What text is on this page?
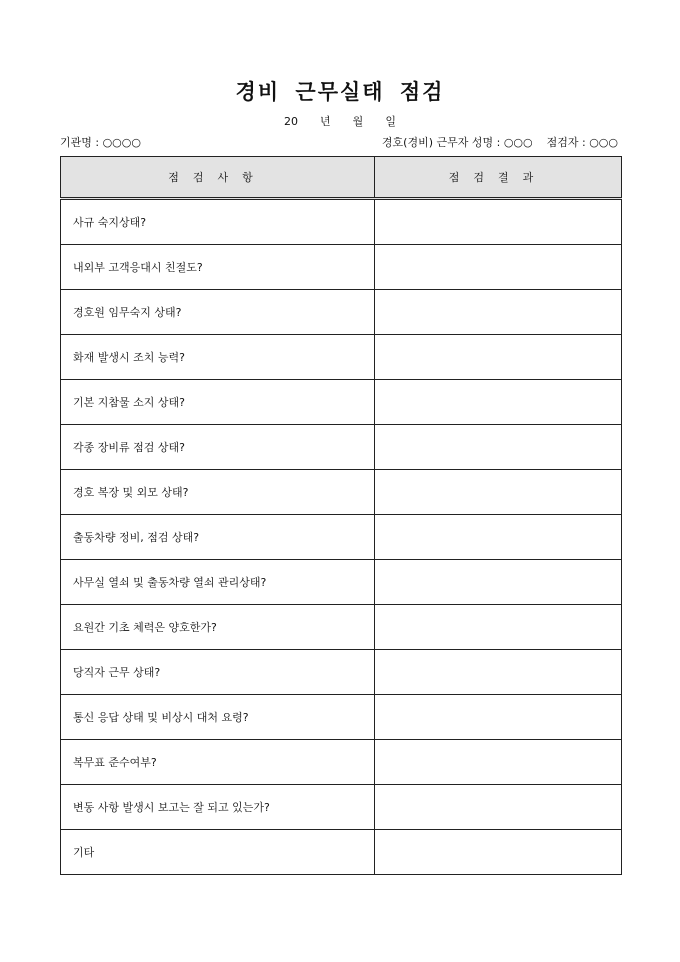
경비 근무실태 점검
20 년 월 일
기관명 : ○○○○	경호(경비) 근무자 성명 : ○○○ 점검자 : ○○○
점검사항	점검결과
사규 숙지상태?	
내외부 고객응대시 친절도?	
경호원 임무숙지 상태?	
화재 발생시 조치 능력?	
기본 지참물 소지 상태?	
각종 장비류 점검 상태?	
경호 복장 및 외모 상태?	
출동차량 정비, 점검 상태?	
사무실 열쇠 및 출동차량 열쇠 관리상태?	
요원간 기초 체력은 양호한가?	
당직자 근무 상태?	
통신 응답 상태 및 비상시 대처 요령?	
복무표 준수여부?	
변동 사항 발생시 보고는 잘 되고 있는가?	
기타	
